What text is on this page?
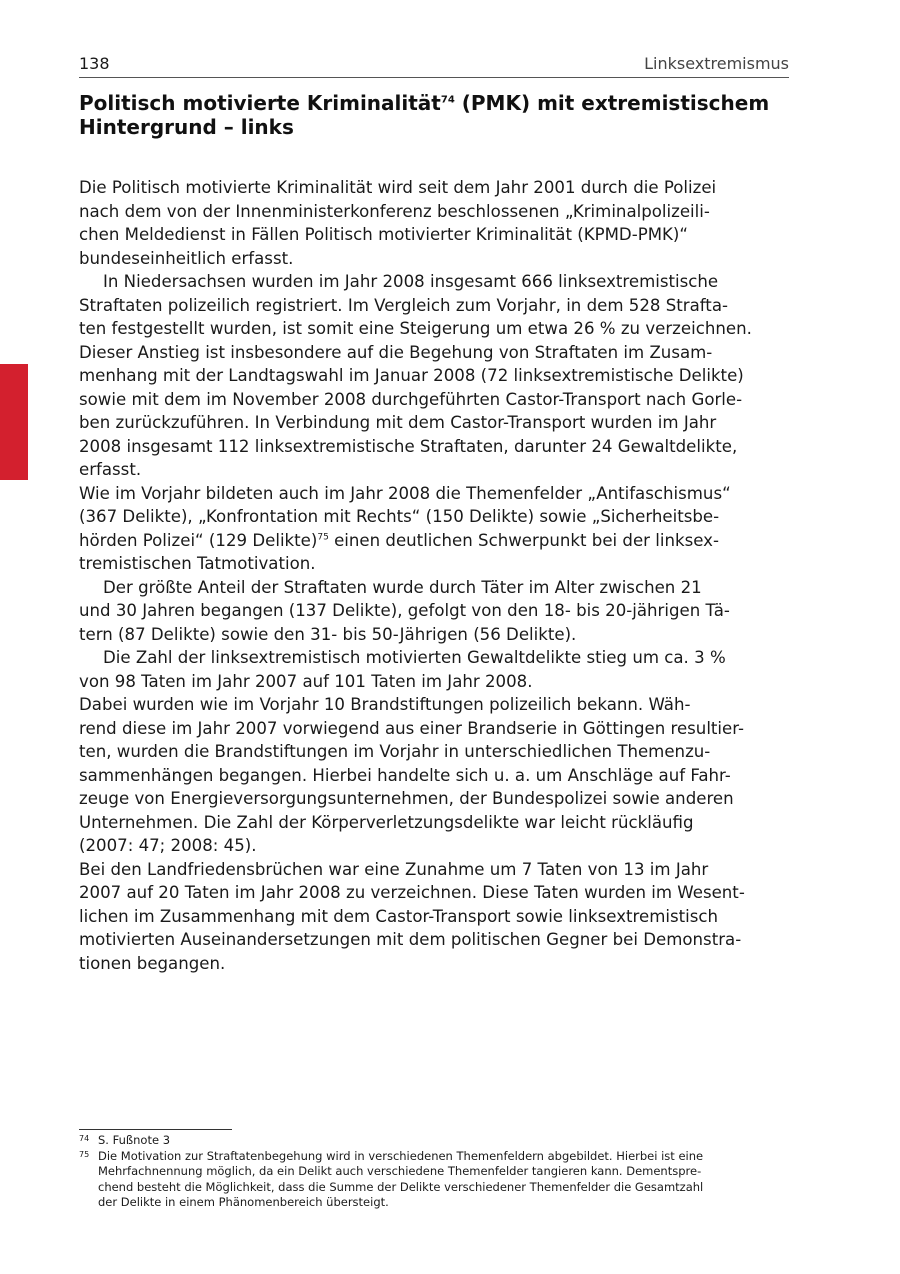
138	Linksextremismus
Politisch motivierte Kriminalität$^{74}$ (PMK) mit extremistischem
Hintergrund – links
Die Politisch motivierte Kriminalität wird seit dem Jahr 2001 durch die Polizei
nach dem von der Innenministerkonferenz beschlossenen „Kriminalpolizeili-
chen Meldedienst in Fällen Politisch motivierter Kriminalität (KPMD-PMK)“
bundeseinheitlich erfasst.
In Niedersachsen wurden im Jahr 2008 insgesamt 666 linksextremistische
Straftaten polizeilich registriert. Im Vergleich zum Vorjahr, in dem 528 Strafta-
ten festgestellt wurden, ist somit eine Steigerung um etwa 26 % zu verzeichnen.
Dieser Anstieg ist insbesondere auf die Begehung von Straftaten im Zusam-
menhang mit der Landtagswahl im Januar 2008 (72 linksextremistische Delikte)
sowie mit dem im November 2008 durchgeführten Castor-Transport nach Gorle-
ben zurückzuführen. In Verbindung mit dem Castor-Transport wurden im Jahr
2008 insgesamt 112 linksextremistische Straftaten, darunter 24 Gewaltdelikte,
erfasst.
Wie im Vorjahr bildeten auch im Jahr 2008 die Themenfelder „Antifaschismus“
(367 Delikte), „Konfrontation mit Rechts“ (150 Delikte) sowie „Sicherheitsbe-
hörden Polizei“ (129 Delikte)$^{75}$ einen deutlichen Schwerpunkt bei der linksex-
tremistischen Tatmotivation.
Der größte Anteil der Straftaten wurde durch Täter im Alter zwischen 21
und 30 Jahren begangen (137 Delikte), gefolgt von den 18- bis 20-jährigen Tä-
tern (87 Delikte) sowie den 31- bis 50-Jährigen (56 Delikte).
Die Zahl der linksextremistisch motivierten Gewaltdelikte stieg um ca. 3 %
von 98 Taten im Jahr 2007 auf 101 Taten im Jahr 2008.
Dabei wurden wie im Vorjahr 10 Brandstiftungen polizeilich bekann. Wäh-
rend diese im Jahr 2007 vorwiegend aus einer Brandserie in Göttingen resultier-
ten, wurden die Brandstiftungen im Vorjahr in unterschiedlichen Themenzu-
sammenhängen begangen. Hierbei handelte sich u. a. um Anschläge auf Fahr-
zeuge von Energieversorgungsunternehmen, der Bundespolizei sowie anderen
Unternehmen. Die Zahl der Körperverletzungsdelikte war leicht rückläufig
(2007: 47; 2008: 45).
Bei den Landfriedensbrüchen war eine Zunahme um 7 Taten von 13 im Jahr
2007 auf 20 Taten im Jahr 2008 zu verzeichnen. Diese Taten wurden im Wesent-
lichen im Zusammenhang mit dem Castor-Transport sowie linksextremistisch
motivierten Auseinandersetzungen mit dem politischen Gegner bei Demonstra-
tionen begangen.
74 S. Fußnote 3
75 Die Motivation zur Straftatenbegehung wird in verschiedenen Themenfeldern abgebildet. Hierbei ist eine
Mehrfachnennung möglich, da ein Delikt auch verschiedene Themenfelder tangieren kann. Dementspre-
chend besteht die Möglichkeit, dass die Summe der Delikte verschiedener Themenfelder die Gesamtzahl
der Delikte in einem Phänomenbereich übersteigt.
